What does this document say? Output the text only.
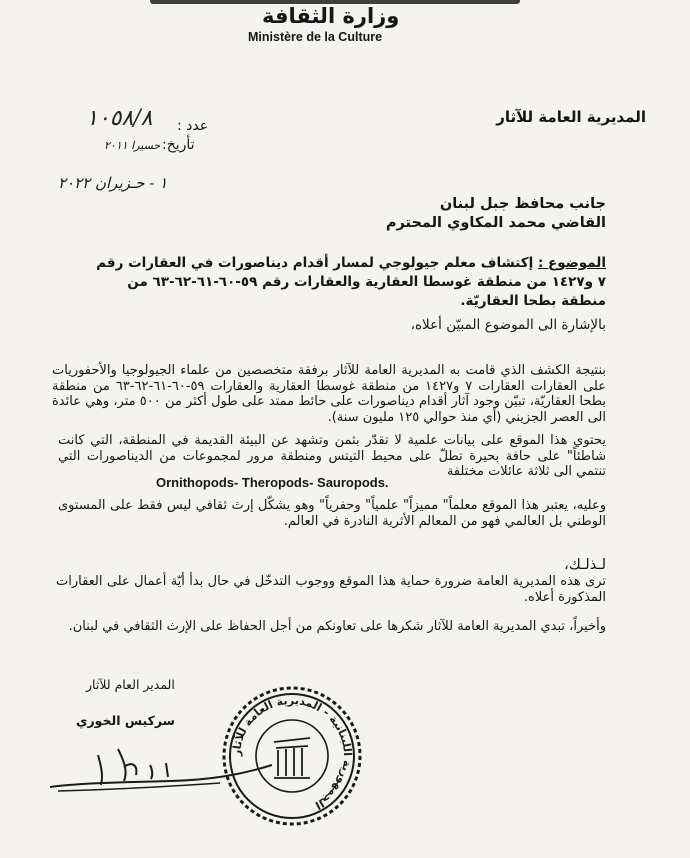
وزارة الثقافة
Ministère de la Culture
المديرية العامة للآثار
عدد :
١٠٥٨/٨
تأريخ:
حسيرا ٢٠١١
١ - حـزيران ٢٠٢٢
جانب محافظ جبل لبنان
القاضي محمد المكاوي المحترم
الموضوع : إكتشاف معلم جيولوجي لمسار أقدام ديناصورات في العقارات رقم ٧ و١٤٢٧ من منطقة غوسطا العقارية والعقارات رقم ٥٩-٦٠-٦١-٦٢-٦٣ من منطقة بطحا العقاريّة.
بالإشارة الى الموضوع المبيّن أعلاه،
بنتيجة الكشف الذي قامت به المديرية العامة للآثار برفقة متخصصين من علماء الجيولوجيا والأحفوريات على العقارات العقارات ٧ و١٤٢٧ من منطقة غوسطا العقارية والعقارات ٥٩-٦٠-٦١-٦٢-٦٣ من منطقة بطحا العقاريّة، تبيّن وجود آثار أقدام ديناصورات على حائط ممتد على طول أكثر من ٥٠٠ متر، وهي عائدة الى العصر الجزيني (أي منذ حوالي ١٢٥ مليون سنة).
يحتوي هذا الموقع على بيانات علمية لا تقدّر بثمن وتشهد عن البيئة القديمة في المنطقة، التي كانت شاطئاً" على حافة بحيرة تطلّ على محيط التيتس ومنطقة مرور لمجموعات من الديناصورات التي تنتمي الى ثلاثة عائلات مختلفة
Ornithopods- Theropods- Sauropods.
وعليه، يعتبر هذا الموقع معلماً" مميزاً" علمياً" وحفرياً" وهو يشكّل إرث ثقافي ليس فقط على المستوى الوطني بل العالمي فهو من المعالم الأثرية النادرة في العالم.
لـذلـك،
ترى هذه المديرية العامة ضرورة حماية هذا الموقع ووجوب التدخّل في حال بدأ أيّة أعمال على العقارات المذكورة أعلاه.
وأخيراً، تبدي المديرية العامة للآثار شكرها على تعاونكم من أجل الحفاظ على الإرث الثقافي في لبنان.
المدير العام للآثار
سركيس الخوري
الجمهورية اللبنانية - المديرية العامة للآثار
